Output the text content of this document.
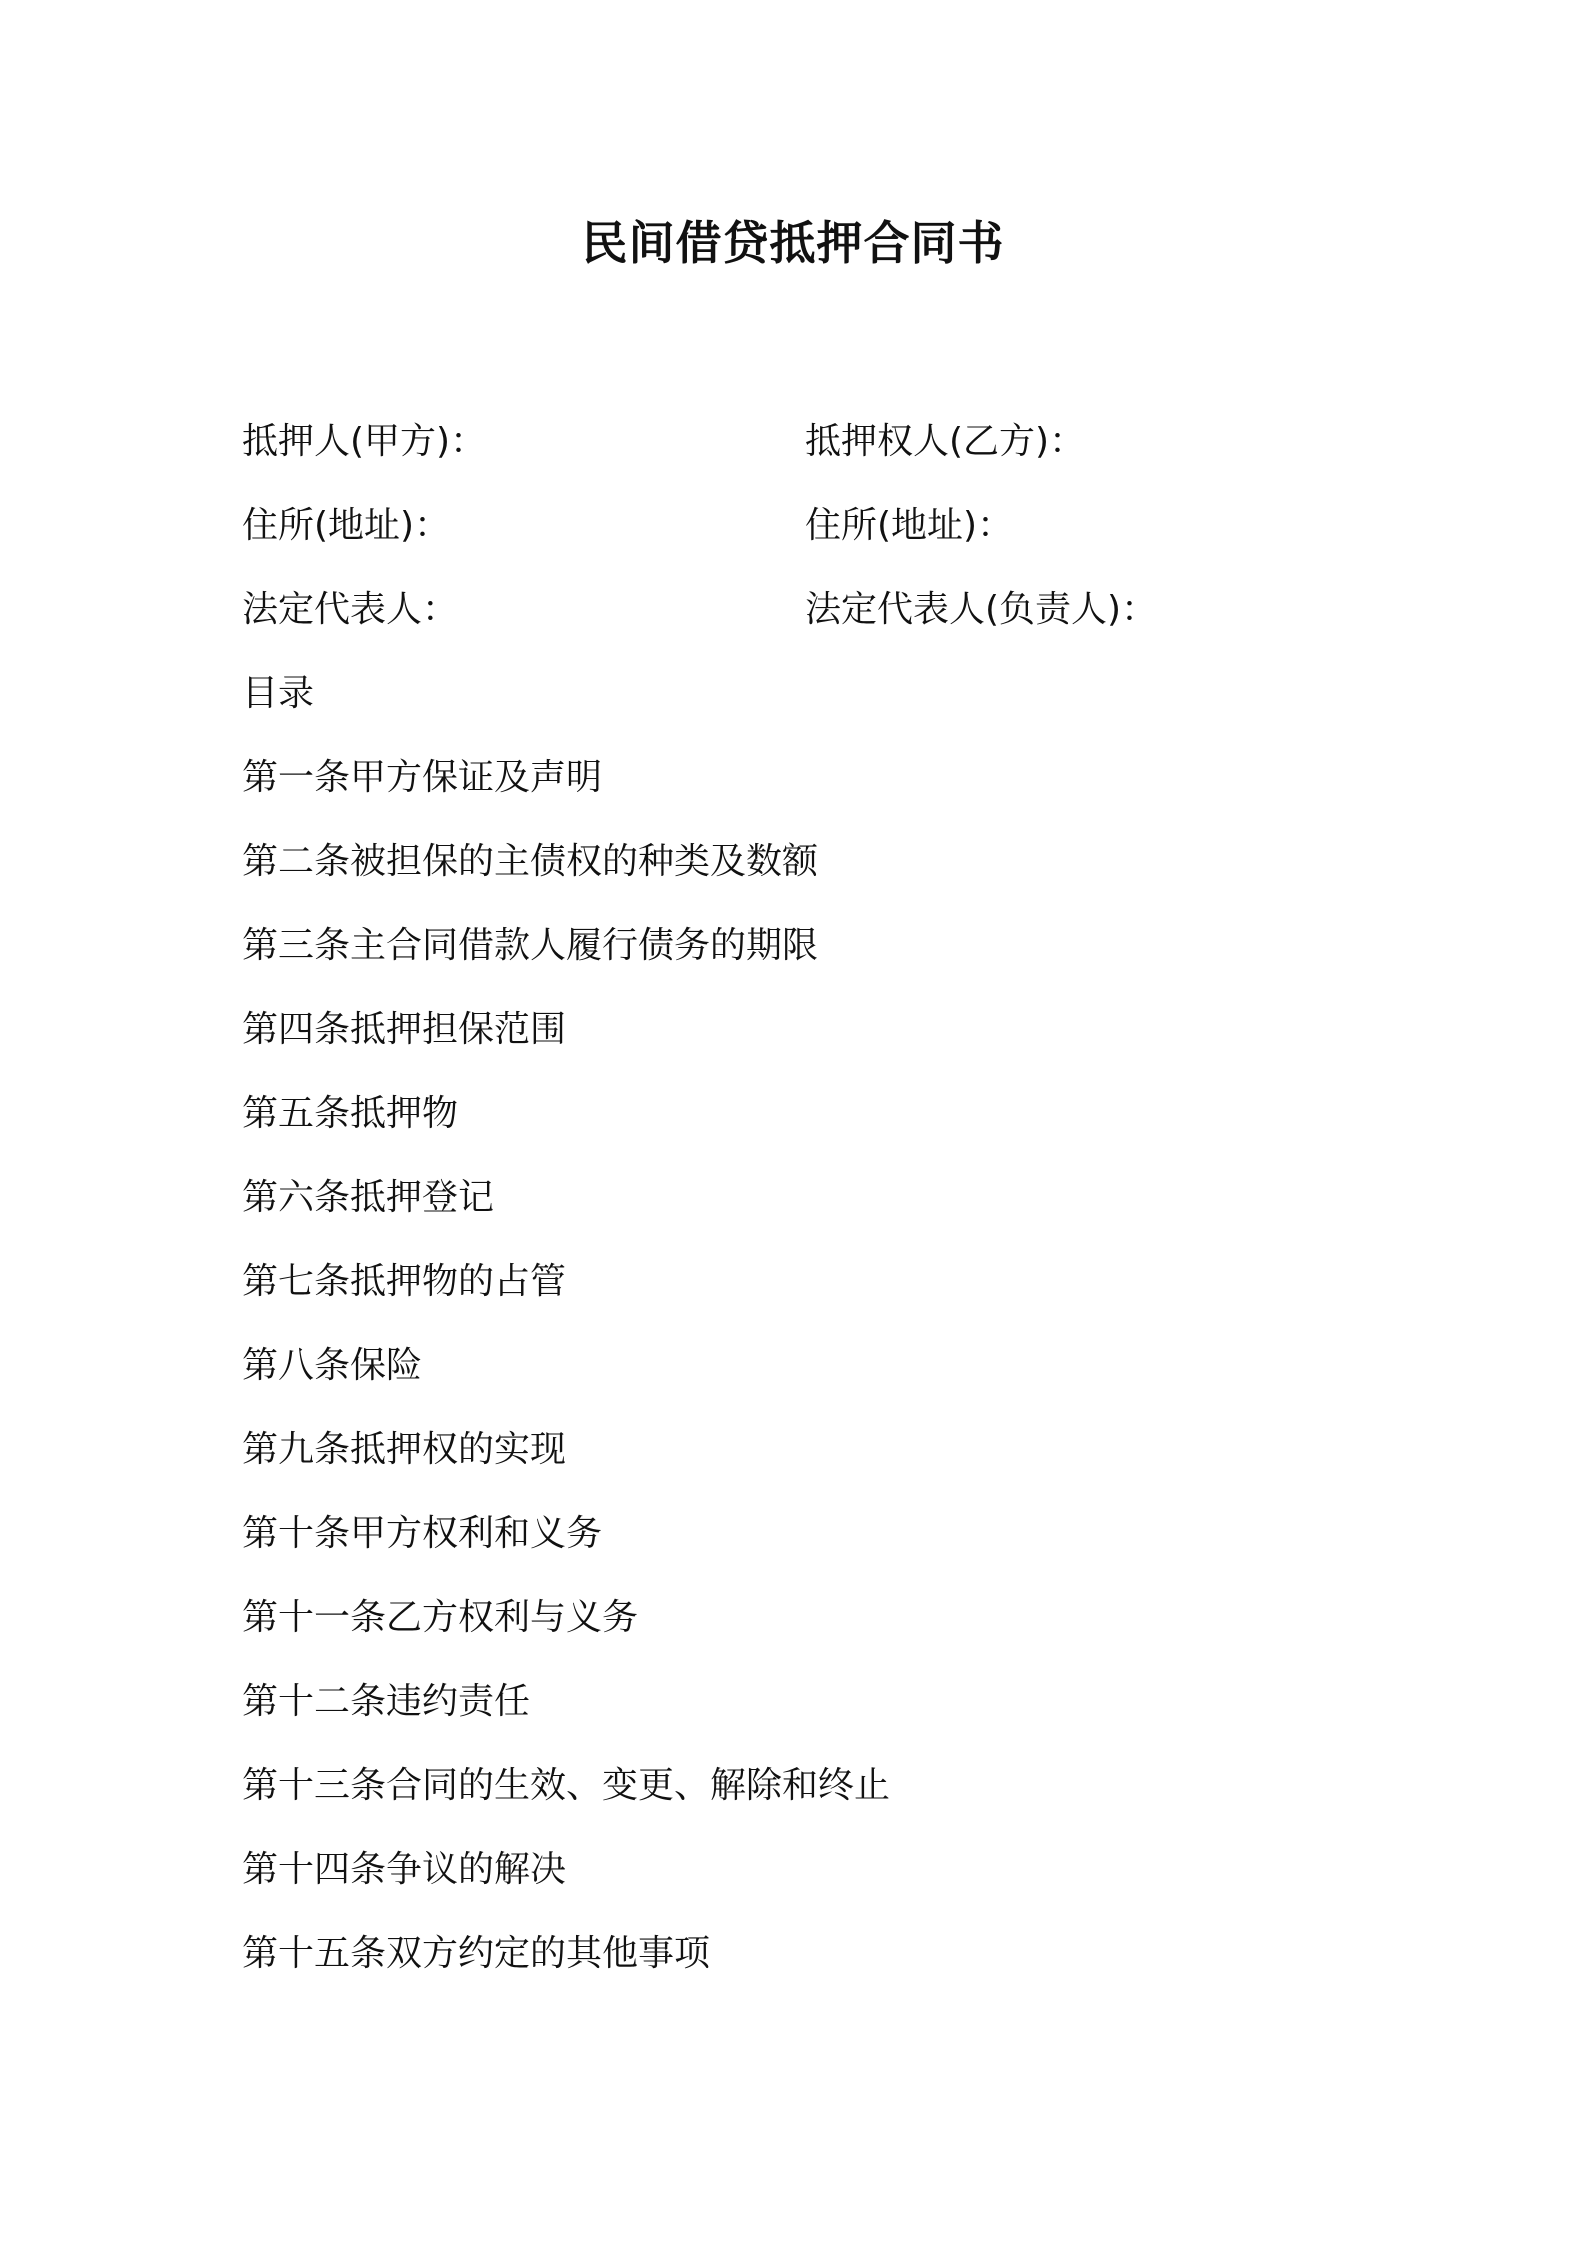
民间借贷抵押合同书
抵押人(甲方)：	抵押权人(乙方)：
住所(地址)：	住所(地址)：
法定代表人：	法定代表人(负责人)：
目录
第一条甲方保证及声明
第二条被担保的主债权的种类及数额
第三条主合同借款人履行债务的期限
第四条抵押担保范围
第五条抵押物
第六条抵押登记
第七条抵押物的占管
第八条保险
第九条抵押权的实现
第十条甲方权利和义务
第十一条乙方权利与义务
第十二条违约责任
第十三条合同的生效、变更、解除和终止
第十四条争议的解决
第十五条双方约定的其他事项
